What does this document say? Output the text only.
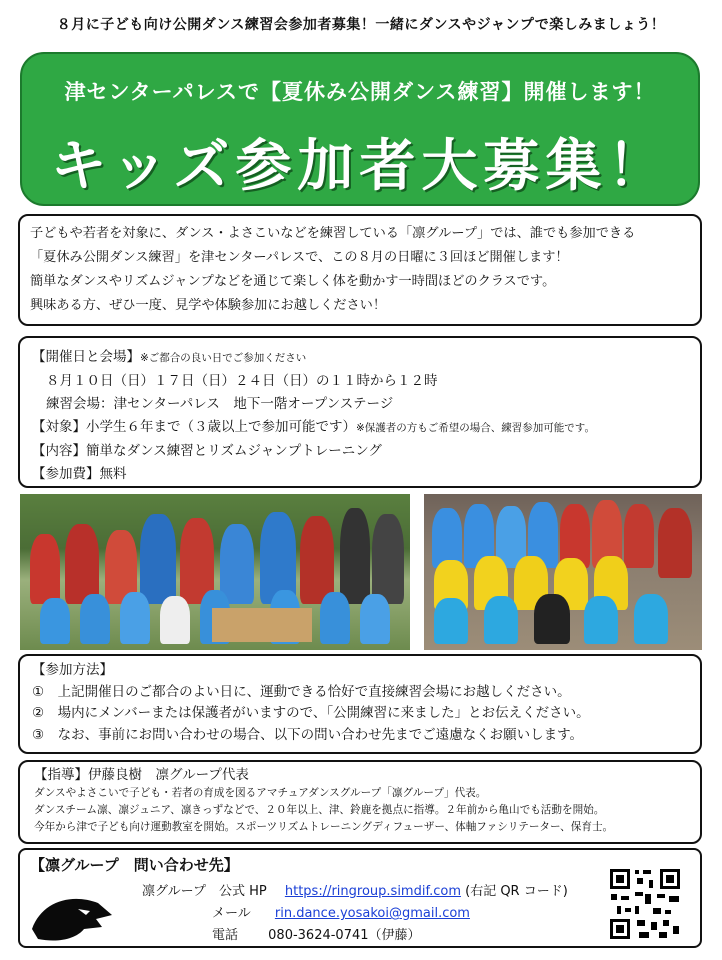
８月に子ども向け公開ダンス練習会参加者募集！一緒にダンスやジャンプで楽しみましょう！
津センターパレスで【夏休み公開ダンス練習】開催します！
キッズ参加者大募集！
子どもや若者を対象に、ダンス・よさこいなどを練習している「凛グループ」では、誰でも参加できる
「夏休み公開ダンス練習」を津センターパレスで、この８月の日曜に３回ほど開催します！
簡単なダンスやリズムジャンプなどを通じて楽しく体を動かす一時間ほどのクラスです。
興味ある方、ぜひ一度、見学や体験参加にお越しください！
【開催日と会場】※ご都合の良い日でご参加ください
８月１０日（日）１７日（日）２４日（日）の１１時から１２時
練習会場：津センターパレス　地下一階オープンステージ
【対象】小学生６年まで（３歳以上で参加可能です）※保護者の方もご希望の場合、練習参加可能です。
【内容】簡単なダンス練習とリズムジャンプトレーニング
【参加費】無料
【参加方法】
①　上記開催日のご都合のよい日に、運動できる恰好で直接練習会場にお越しください。
②　場内にメンバーまたは保護者がいますので、「公開練習に来ました」とお伝えください。
③　なお、事前にお問い合わせの場合、以下の問い合わせ先までご遠慮なくお願いします。
【指導】伊藤良樹　凛グループ代表
ダンスやよさこいで子ども・若者の育成を図るアマチュアダンスグループ「凛グループ」代表。
ダンスチーム凛、凛ジュニア、凛きっずなどで、２０年以上、津、鈴鹿を拠点に指導。２年前から亀山でも活動を開始。
今年から津で子ども向け運動教室を開始。スポーツリズムトレーニングディフューザー、体軸ファシリテーター、保育士。
【凛グループ　問い合わせ先】
凛グループ　公式 HP https://ringroup.simdif.com (右記 QR コード)
メール rin.dance.yosakoi@gmail.com
電話 080-3624-0741（伊藤）
